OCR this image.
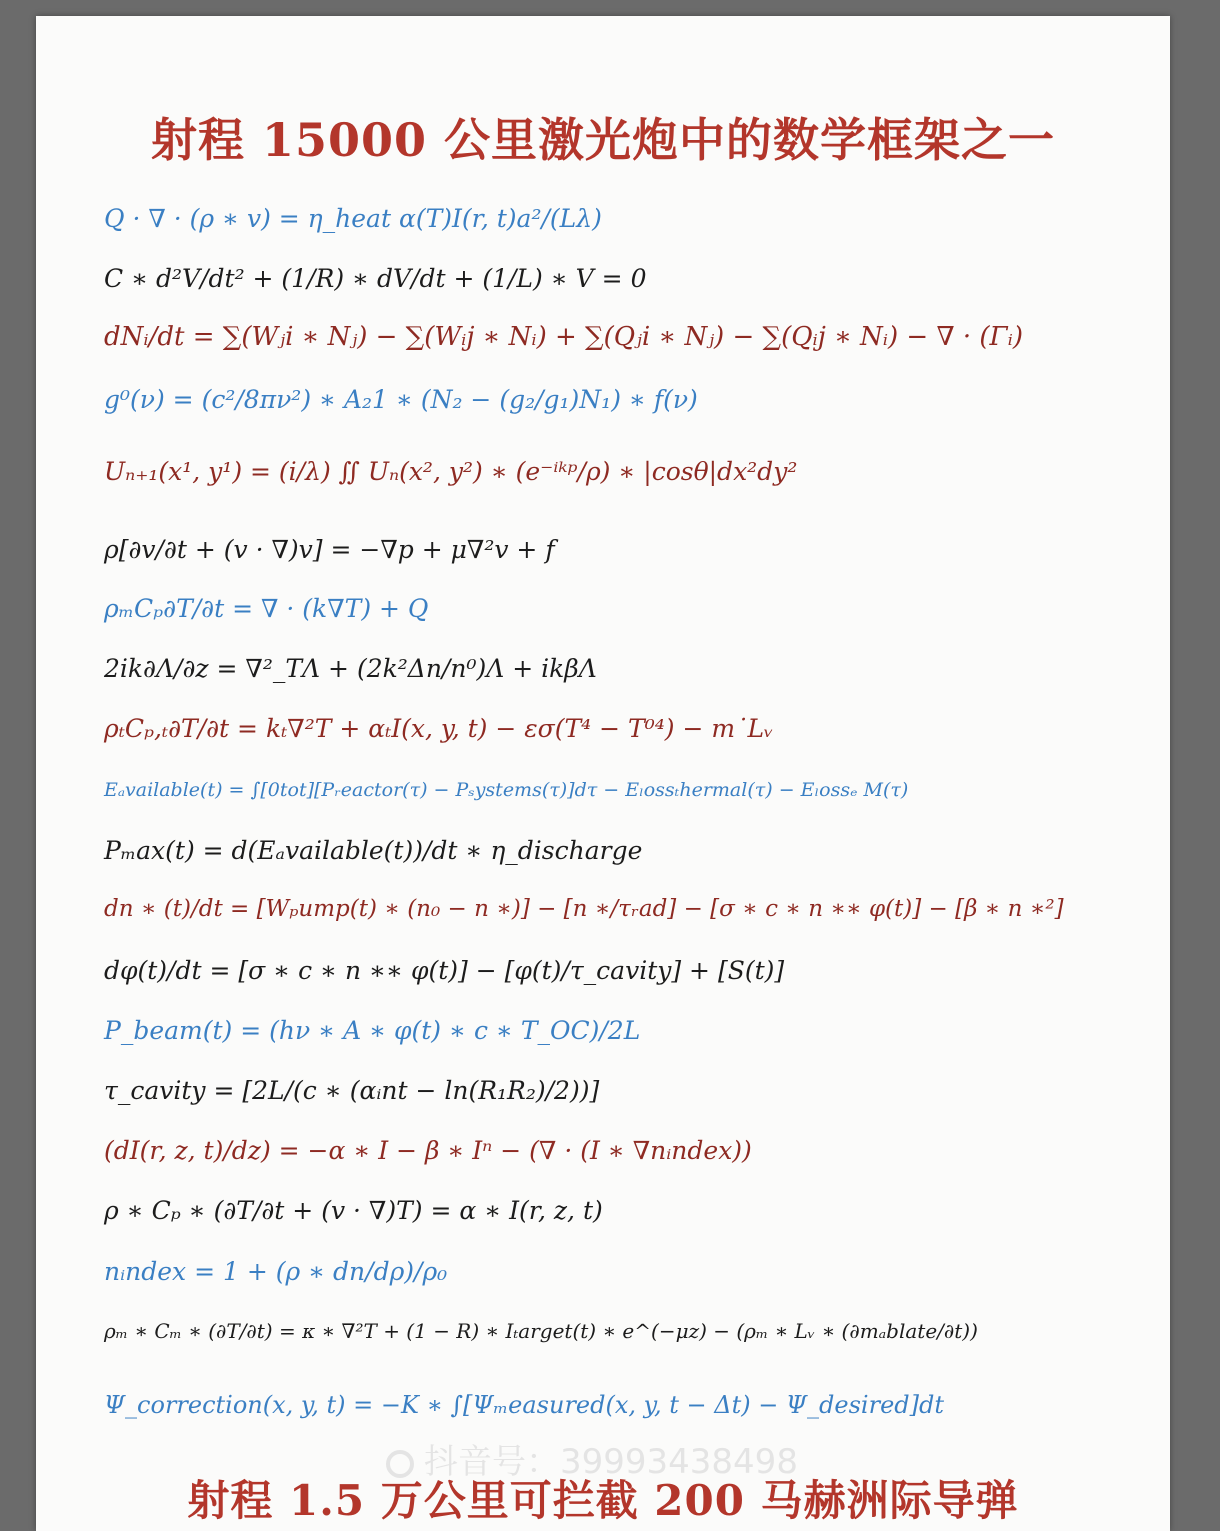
射程 15000 公里激光炮中的数学框架之一
Q · ∇ · (ρ ∗ v) = η_heat α(T)I(r, t)a²/(Lλ)
C ∗ d²V/dt² + (1/R) ∗ dV/dt + (1/L) ∗ V = 0
dNᵢ/dt = ∑(Wⱼi ∗ Nⱼ) − ∑(Wᵢj ∗ Nᵢ) + ∑(Qⱼi ∗ Nⱼ) − ∑(Qᵢj ∗ Nᵢ) − ∇ · (Γᵢ)
g⁰(ν) = (c²/8πν²) ∗ A₂1 ∗ (N₂ − (g₂/g₁)N₁) ∗ f(ν)
Uₙ₊₁(x¹, y¹) = (i/λ) ∬ Uₙ(x², y²) ∗ (e⁻ⁱᵏᵖ/ρ) ∗ |cosθ|dx²dy²
ρ[∂v/∂t + (v · ∇)v] = −∇p + μ∇²v + f
ρₘCₚ∂T/∂t = ∇ · (k∇T) + Q
2ik∂Λ/∂z = ∇²_TΛ + (2k²Δn/n⁰)Λ + ikβΛ
ρₜCₚ,ₜ∂T/∂t = kₜ∇²T + αₜI(x, y, t) − εσ(T⁴ − T⁰⁴) − m˙Lᵥ
Eₐvailable(t) = ∫[0tot][Pᵣeactor(τ) − Pₛystems(τ)]dτ − Eₗossₜhermal(τ) − Eₗossₑ M(τ)
Pₘax(t) = d(Eₐvailable(t))/dt ∗ η_dischargе
dn ∗ (t)/dt = [Wₚump(t) ∗ (n₀ − n ∗)] − [n ∗/τᵣad] − [σ ∗ c ∗ n ∗∗ φ(t)] − [β ∗ n ∗²]
dφ(t)/dt = [σ ∗ c ∗ n ∗∗ φ(t)] − [φ(t)/τ_cavity] + [S(t)]
P_beam(t) = (hν ∗ A ∗ φ(t) ∗ c ∗ T_OC)/2L
τ_cavity = [2L/(c ∗ (αᵢnt − ln(R₁R₂)/2))]
(dI(r, z, t)/dz) = −α ∗ I − β ∗ Iⁿ − (∇ · (I ∗ ∇nᵢndex))
ρ ∗ Cₚ ∗ (∂T/∂t + (v · ∇)T) = α ∗ I(r, z, t)
nᵢndex = 1 + (ρ ∗ dn/dρ)/ρ₀
ρₘ ∗ Cₘ ∗ (∂T/∂t) = κ ∗ ∇²T + (1 − R) ∗ Iₜarget(t) ∗ e^(−μz) − (ρₘ ∗ Lᵥ ∗ (∂mₐblate/∂t))
Ψ_correction(x, y, t) = −K ∗ ∫[Ψₘeasured(x, y, t − Δt) − Ψ_desired]dt
抖音号：39993438498
射程 1.5 万公里可拦截 200 马赫洲际导弹
